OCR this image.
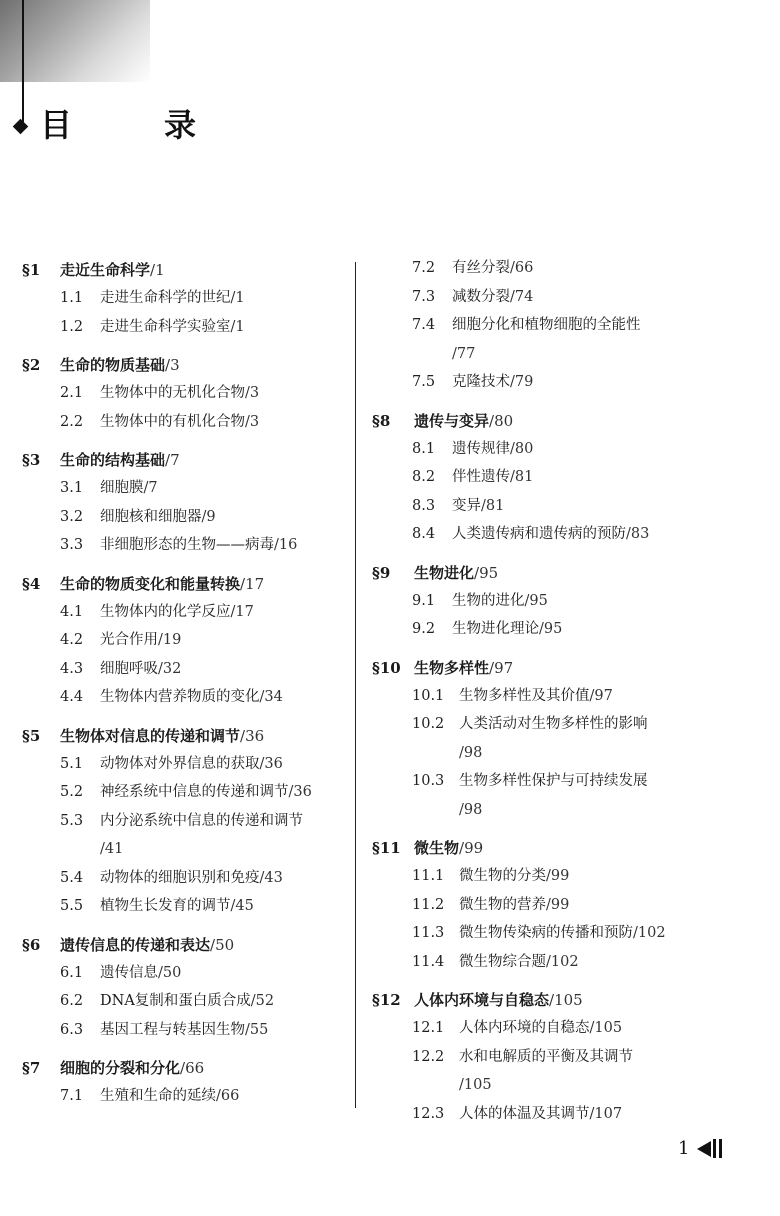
目　录
§1	走近生命科学 /1
1.1	走进生命科学的世纪/1
1.2	走进生命科学实验室/1
§2	生命的物质基础 /3
2.1	生物体中的无机化合物/3
2.2	生物体中的有机化合物/3
§3	生命的结构基础 /7
3.1	细胞膜/7
3.2	细胞核和细胞器/9
3.3	非细胞形态的生物——病毒/16
§4	生命的物质变化和能量转换 /17
4.1	生物体内的化学反应/17
4.2	光合作用/19
4.3	细胞呼吸/32
4.4	生物体内营养物质的变化/34
§5	生物体对信息的传递和调节 /36
5.1	动物体对外界信息的获取/36
5.2	神经系统中信息的传递和调节/36
5.3	内分泌系统中信息的传递和调节
/41
5.4	动物体的细胞识别和免疫/43
5.5	植物生长发育的调节/45
§6	遗传信息的传递和表达 /50
6.1	遗传信息/50
6.2	DNA复制和蛋白质合成/52
6.3	基因工程与转基因生物/55
§7	细胞的分裂和分化 /66
7.1	生殖和生命的延续/66
7.2	有丝分裂/66
7.3	减数分裂/74
7.4	细胞分化和植物细胞的全能性
/77
7.5	克隆技术/79
§8	遗传与变异 /80
8.1	遗传规律/80
8.2	伴性遗传/81
8.3	变异/81
8.4	人类遗传病和遗传病的预防/83
§9	生物进化 /95
9.1	生物的进化/95
9.2	生物进化理论/95
§10 生物多样性 /97
10.1	生物多样性及其价值/97
10.2	人类活动对生物多样性的影响
/98
10.3	生物多样性保护与可持续发展
/98
§11 微生物 /99
11.1	微生物的分类/99
11.2	微生物的营养/99
11.3	微生物传染病的传播和预防/102
11.4	微生物综合题/102
§12 人体内环境与自稳态 /105
12.1	人体内环境的自稳态/105
12.2	水和电解质的平衡及其调节
/105
12.3	人体的体温及其调节/107
1
